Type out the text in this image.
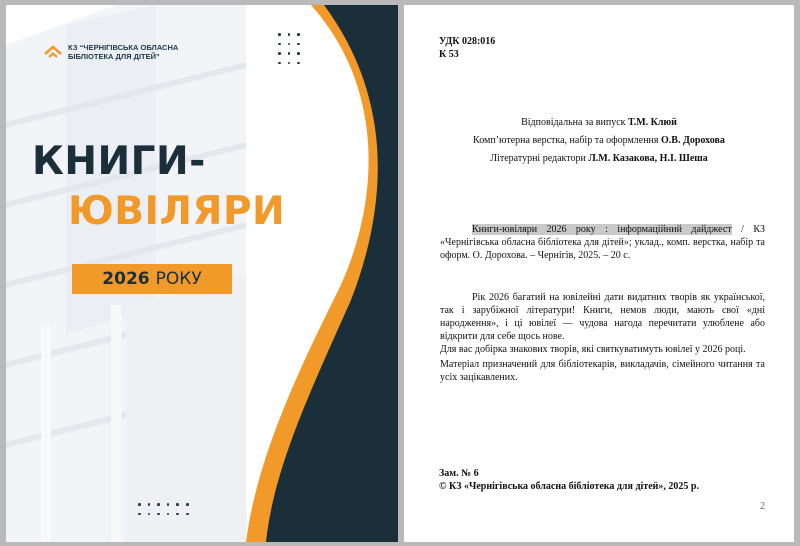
КЗ “ЧЕРНІГІВСЬКА ОБЛАСНА
БІБЛІОТЕКА ДЛЯ ДІТЕЙ”
КНИГИ-
ЮВІЛЯРИ
2026 РОКУ
УДК 028:016
К 53
Відповідальна за випуск Т.М. Клюй
Комп’ютерна верстка, набір та оформлення О.В. Дорохова
Літературні редактори Л.М. Казакова, Н.І. Шеша

Книги-ювіляри 2026 року : інформаційний дайджест / КЗ «Чернігівська обласна бібліотека для дітей»; уклад., комп. верстка, набір та оформ. О. Дорохова. – Чернігів, 2025. – 20 с.

Рік 2026 багатий на ювілейні дати видатних творів як української, так і зарубіжної літератури! Книги, немов люди, мають свої «дні народження», і ці ювілеї — чудова нагода перечитати улюблене або відкрити для себе щось нове.

Для вас добірка знакових творів, які святкуватимуть ювілеї у 2026 році.

Матеріал призначений для бібліотекарів, викладачів, сімейного читання та усіх зацікавлених.

Зам. № 6
© КЗ «Чернігівська обласна бібліотека для дітей», 2025 р.
2
